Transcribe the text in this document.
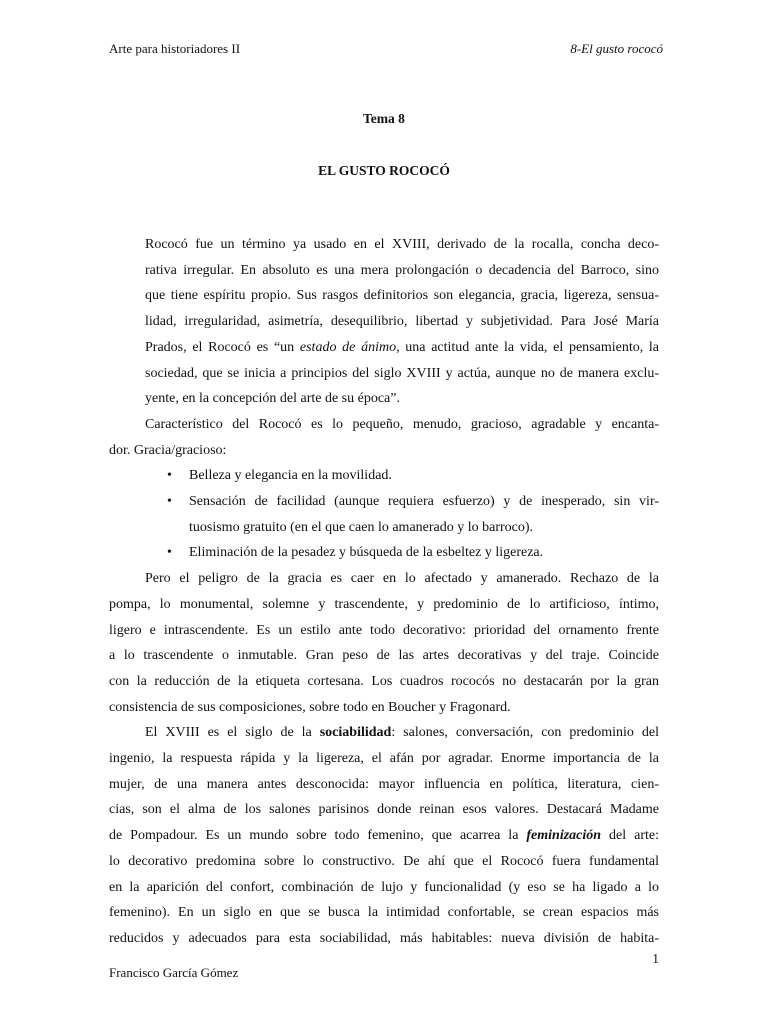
Arte para historiadores II	8-El gusto rococó
Tema 8
EL GUSTO ROCOCÓ

Rococó fue un término ya usado en el XVIII, derivado de la rocalla, concha deco-
rativa irregular. En absoluto es una mera prolongación o decadencia del Barroco, sino
que tiene espíritu propio. Sus rasgos definitorios son elegancia, gracia, ligereza, sensua-
lidad, irregularidad, asimetría, desequilibrio, libertad y subjetividad. Para José María
Prados, el Rococó es “un estado de ánimo, una actitud ante la vida, el pensamiento, la
sociedad, que se inicia a principios del siglo XVIII y actúa, aunque no de manera exclu-
yente, en la concepción del arte de su época”.

Característico del Rococó es lo pequeño, menudo, gracioso, agradable y encanta-
dor. Gracia/gracioso:

• Belleza y elegancia en la movilidad.
• Sensación de facilidad (aunque requiera esfuerzo) y de inesperado, sin vir-
tuosismo gratuito (en el que caen lo amanerado y lo barroco).
• Eliminación de la pesadez y búsqueda de la esbeltez y ligereza.

Pero el peligro de la gracia es caer en lo afectado y amanerado. Rechazo de la
pompa, lo monumental, solemne y trascendente, y predominio de lo artificioso, íntimo,
ligero e intrascendente. Es un estilo ante todo decorativo: prioridad del ornamento frente
a lo trascendente o inmutable. Gran peso de las artes decorativas y del traje. Coincide
con la reducción de la etiqueta cortesana. Los cuadros rococós no destacarán por la gran
consistencia de sus composiciones, sobre todo en Boucher y Fragonard.

El XVIII es el siglo de la sociabilidad: salones, conversación, con predominio del
ingenio, la respuesta rápida y la ligereza, el afán por agradar. Enorme importancia de la
mujer, de una manera antes desconocida: mayor influencia en política, literatura, cien-
cias, son el alma de los salones parisinos donde reinan esos valores. Destacará Madame
de Pompadour. Es un mundo sobre todo femenino, que acarrea la feminización del arte:
lo decorativo predomina sobre lo constructivo. De ahí que el Rococó fuera fundamental
en la aparición del confort, combinación de lujo y funcionalidad (y eso se ha ligado a lo
femenino). En un siglo en que se busca la intimidad confortable, se crean espacios más
reducidos y adecuados para esta sociabilidad, más habitables: nueva división de habita-

1
Francisco García Gómez
